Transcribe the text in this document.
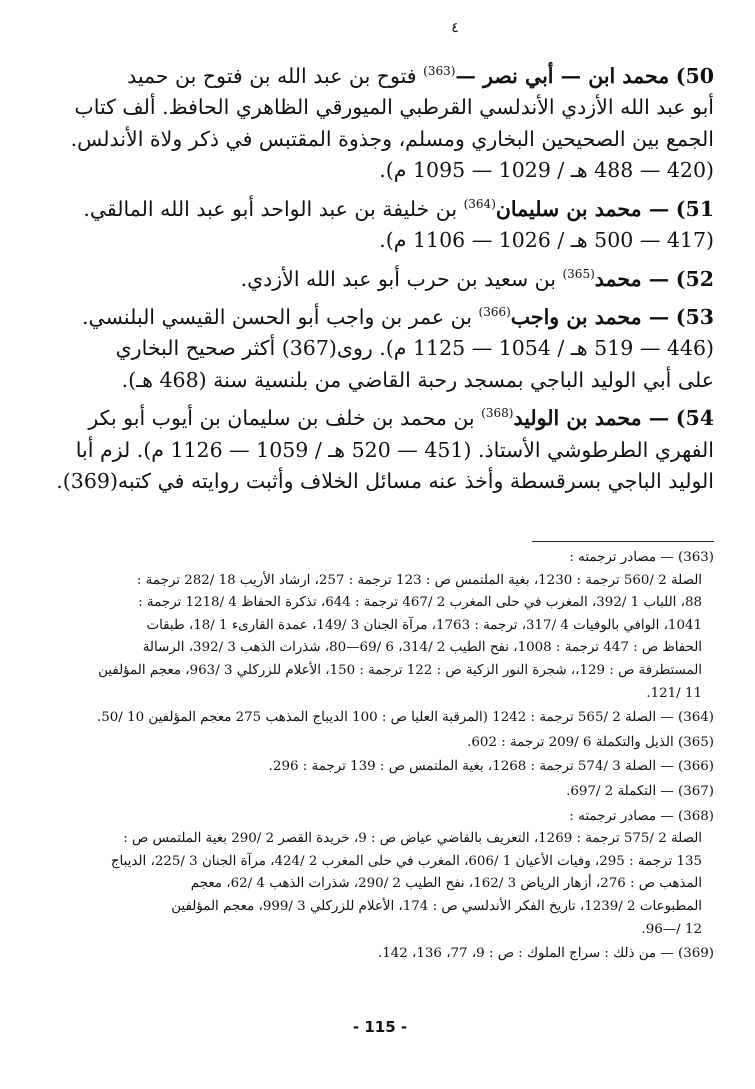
٤

50) محمد ابن — أبي نصر —$^{(363)}$ فتوح بن عبد الله بن فتوح بن حميد

أبو عبد الله الأزدي الأندلسي القرطبي الميورقي الظاهري الحافظ. ألف كتاب

الجمع بين الصحيحين البخاري ومسلم، وجذوة المقتبس في ذكر ولاة الأندلس.

(420 — 488 هـ / 1029 — 1095 م).

51) — محمد بن سليمان$^{(364)}$ بن خليفة بن عبد الواحد أبو عبد الله المالقي.

(417 — 500 هـ / 1026 — 1106 م).

52) — محمد$^{(365)}$ بن سعيد بن حرب أبو عبد الله الأزدي.

53) — محمد بن واجب$^{(366)}$ بن عمر بن واجب أبو الحسن القيسي البلنسي.

(446 — 519 هـ / 1054 — 1125 م). روى(367) أكثر صحيح البخاري

على أبي الوليد الباجي بمسجد رحبة القاضي من بلنسية سنة (468 هـ).

54) — محمد بن الوليد$^{(368)}$ بن محمد بن خلف بن سليمان بن أيوب أبو بكر

الفهري الطرطوشي الأستاذ. (451 — 520 هـ / 1059 — 1126 م). لزم أبا

الوليد الباجي بسرقسطة وأخذ عنه مسائل الخلاف وأثبت روايته في كتبه(369).

(363) — مصادر ترجمته :

الصلة 2 /560 ترجمة : 1230، بغية الملتمس ص : 123 ترجمة : 257، ارشاد الأريب 18 /282 ترجمة :

88، اللباب 1 /392، المغرب في حلى المغرب 2 /467 ترجمة : 644، تذكرة الحفاظ 4 /1218 ترجمة :

1041، الوافي بالوفيات 4 /317، ترجمة : 1763، مرآة الجنان 3 /149، عمدة القارىء 1 /18، طبقات

الحفاظ ص : 447 ترجمة : 1008، نفح الطيب 2 /314، 6 /69—80، شذرات الذهب 3 /392، الرسالة

المستطرفة ص : 129،، شجرة النور الزكية ص : 122 ترجمة : 150، الأعلام للزركلي 3 /963، معجم المؤلفين

11 /121.

(364) — الصلة 2 /565 ترجمة : 1242 (المرقبة العليا ص : 100 الديباج المذهب 275 معجم المؤلفين 10 /50.

(365) الذيل والتكملة 6 /209 ترجمة : 602.

(366) — الصلة 3 /574 ترجمة : 1268، بغية الملتمس ص : 139 ترجمة : 296.

(367) — التكملة 2 /697.

(368) — مصادر ترجمته :

الصلة 2 /575 ترجمة : 1269، التعريف بالقاضي عياض ص : 9، خريدة القصر 2 /290 بغية الملتمس ص :

135 ترجمة : 295، وفيات الأعيان 1 /606، المغرب في حلى المغرب 2 /424، مرآة الجنان 3 /225، الديباج

المذهب ص : 276، أزهار الرياض 3 /162، نفح الطيب 2 /290، شذرات الذهب 4 /62، معجم

المطبوعات 2 /1239، تاريخ الفكر الأندلسي ص : 174، الأعلام للزركلي 3 /999، معجم المؤلفين

12 /—96.

(369) — من ذلك : سراج الملوك : ص : 9، 77، 136، 142.

- 115 -
